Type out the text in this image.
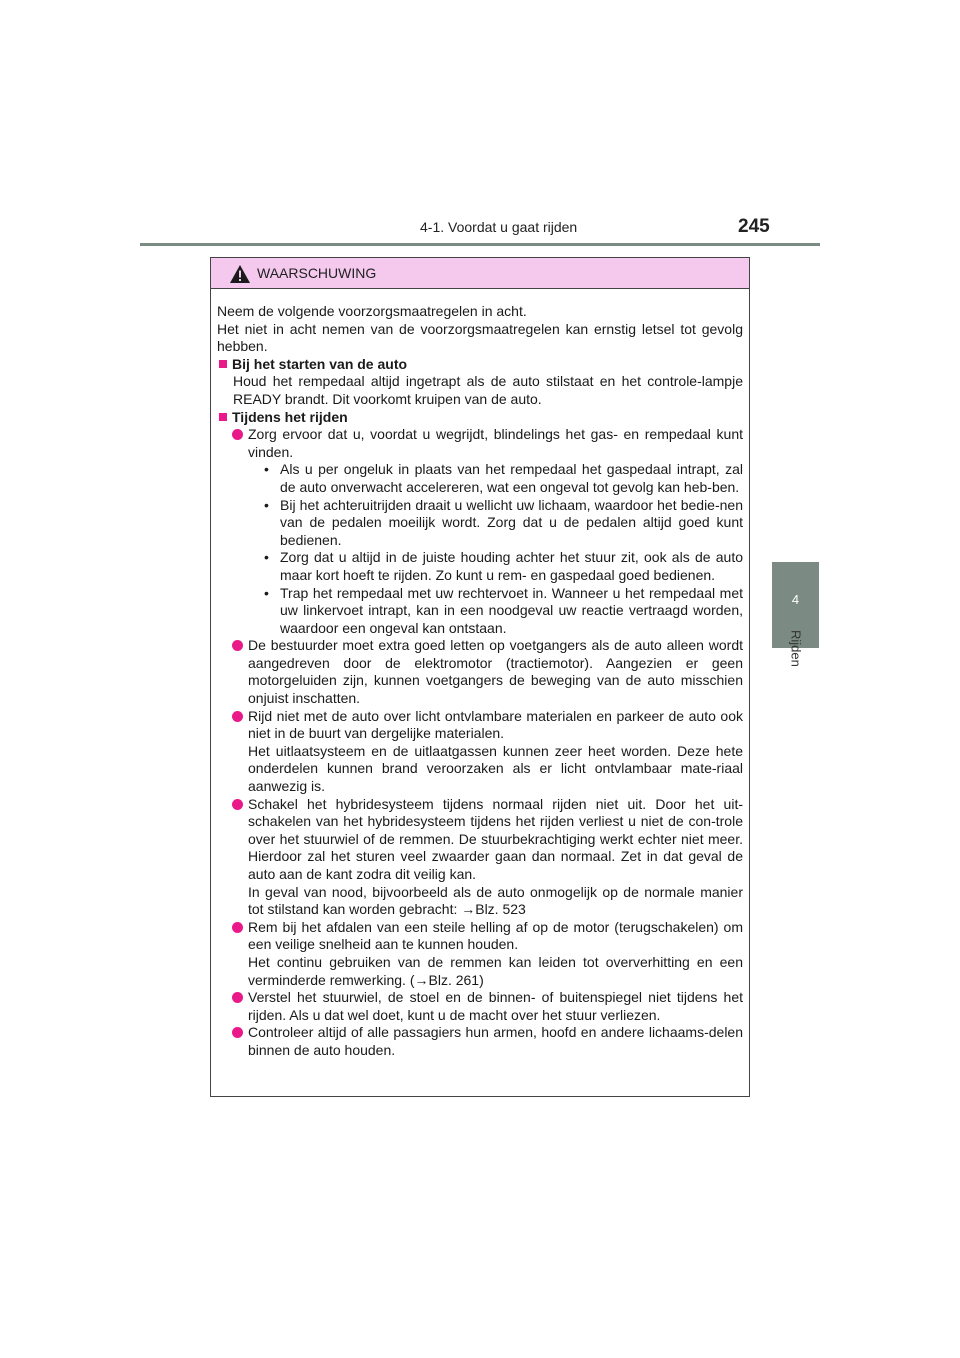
4-1. Voordat u gaat rijden	245
4
Rijden
WAARSCHUWING

Neem de volgende voorzorgsmaatregelen in acht.

Het niet in acht nemen van de voorzorgsmaatregelen kan ernstig letsel tot gevolg hebben.

Bij het starten van de auto

Houd het rempedaal altijd ingetrapt als de auto stilstaat en het controle-lampje READY brandt. Dit voorkomt kruipen van de auto.

Tijdens het rijden

Zorg ervoor dat u, voordat u wegrijdt, blindelings het gas- en rempedaal kunt vinden.

• Als u per ongeluk in plaats van het rempedaal het gaspedaal intrapt, zal de auto onverwacht accelereren, wat een ongeval tot gevolg kan heb-ben.
• Bij het achteruitrijden draait u wellicht uw lichaam, waardoor het bedie-nen van de pedalen moeilijk wordt. Zorg dat u de pedalen altijd goed kunt bedienen.
• Zorg dat u altijd in de juiste houding achter het stuur zit, ook als de auto maar kort hoeft te rijden. Zo kunt u rem- en gaspedaal goed bedienen.
• Trap het rempedaal met uw rechtervoet in. Wanneer u het rempedaal met uw linkervoet intrapt, kan in een noodgeval uw reactie vertraagd worden, waardoor een ongeval kan ontstaan.

De bestuurder moet extra goed letten op voetgangers als de auto alleen wordt aangedreven door de elektromotor (tractiemotor). Aangezien er geen motorgeluiden zijn, kunnen voetgangers de beweging van de auto misschien onjuist inschatten.

Rijd niet met de auto over licht ontvlambare materialen en parkeer de auto ook niet in de buurt van dergelijke materialen.

Het uitlaatsysteem en de uitlaatgassen kunnen zeer heet worden. Deze hete onderdelen kunnen brand veroorzaken als er licht ontvlambaar mate-riaal aanwezig is.

Schakel het hybridesysteem tijdens normaal rijden niet uit. Door het uit-schakelen van het hybridesysteem tijdens het rijden verliest u niet de con-trole over het stuurwiel of de remmen. De stuurbekrachtiging werkt echter niet meer. Hierdoor zal het sturen veel zwaarder gaan dan normaal. Zet in dat geval de auto aan de kant zodra dit veilig kan.

In geval van nood, bijvoorbeeld als de auto onmogelijk op de normale manier tot stilstand kan worden gebracht: →Blz. 523

Rem bij het afdalen van een steile helling af op de motor (terugschakelen) om een veilige snelheid aan te kunnen houden.

Het continu gebruiken van de remmen kan leiden tot oververhitting en een verminderde remwerking. (→Blz. 261)

Verstel het stuurwiel, de stoel en de binnen- of buitenspiegel niet tijdens het rijden. Als u dat wel doet, kunt u de macht over het stuur verliezen.

Controleer altijd of alle passagiers hun armen, hoofd en andere lichaams-delen binnen de auto houden.
